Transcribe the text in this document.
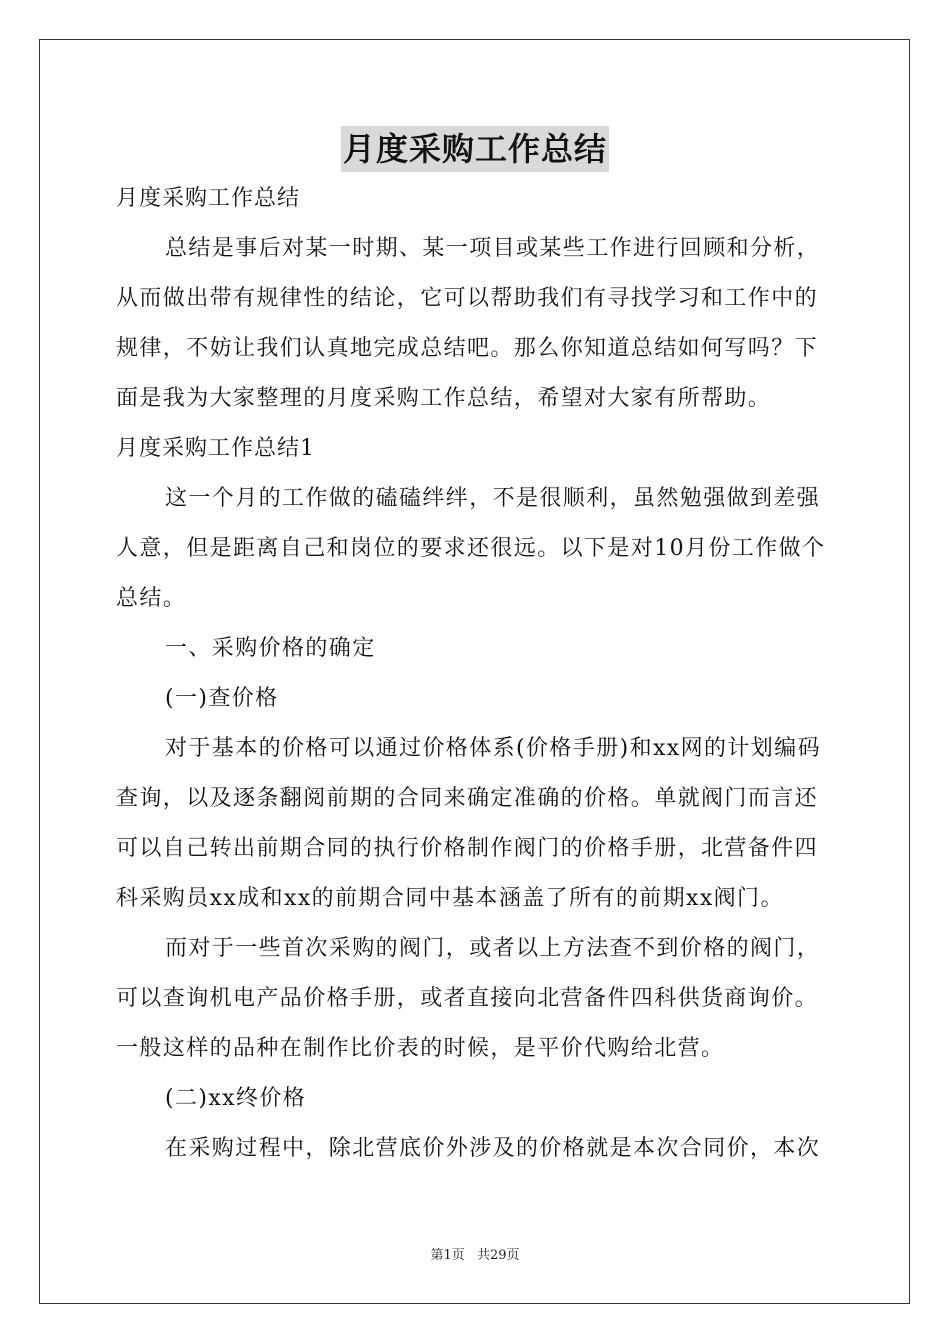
月度采购工作总结

月度采购工作总结

总结是事后对某一时期、某一项目或某些工作进行回顾和分析，从而做出带有规律性的结论，它可以帮助我们有寻找学习和工作中的规律，不妨让我们认真地完成总结吧。那么你知道总结如何写吗？下面是我为大家整理的月度采购工作总结，希望对大家有所帮助。

月度采购工作总结1

这一个月的工作做的磕磕绊绊，不是很顺利，虽然勉强做到差强人意，但是距离自己和岗位的要求还很远。以下是对10月份工作做个总结。

一、采购价格的确定

(一)查价格

对于基本的价格可以通过价格体系(价格手册)和xx网的计划编码查询，以及逐条翻阅前期的合同来确定准确的价格。单就阀门而言还可以自己转出前期合同的执行价格制作阀门的价格手册，北营备件四科采购员xx成和xx的前期合同中基本涵盖了所有的前期xx阀门。

而对于一些首次采购的阀门，或者以上方法查不到价格的阀门，可以查询机电产品价格手册，或者直接向北营备件四科供货商询价。一般这样的品种在制作比价表的时候，是平价代购给北营。

(二)xx终价格

在采购过程中，除北营底价外涉及的价格就是本次合同价，本次

第1页 共29页
